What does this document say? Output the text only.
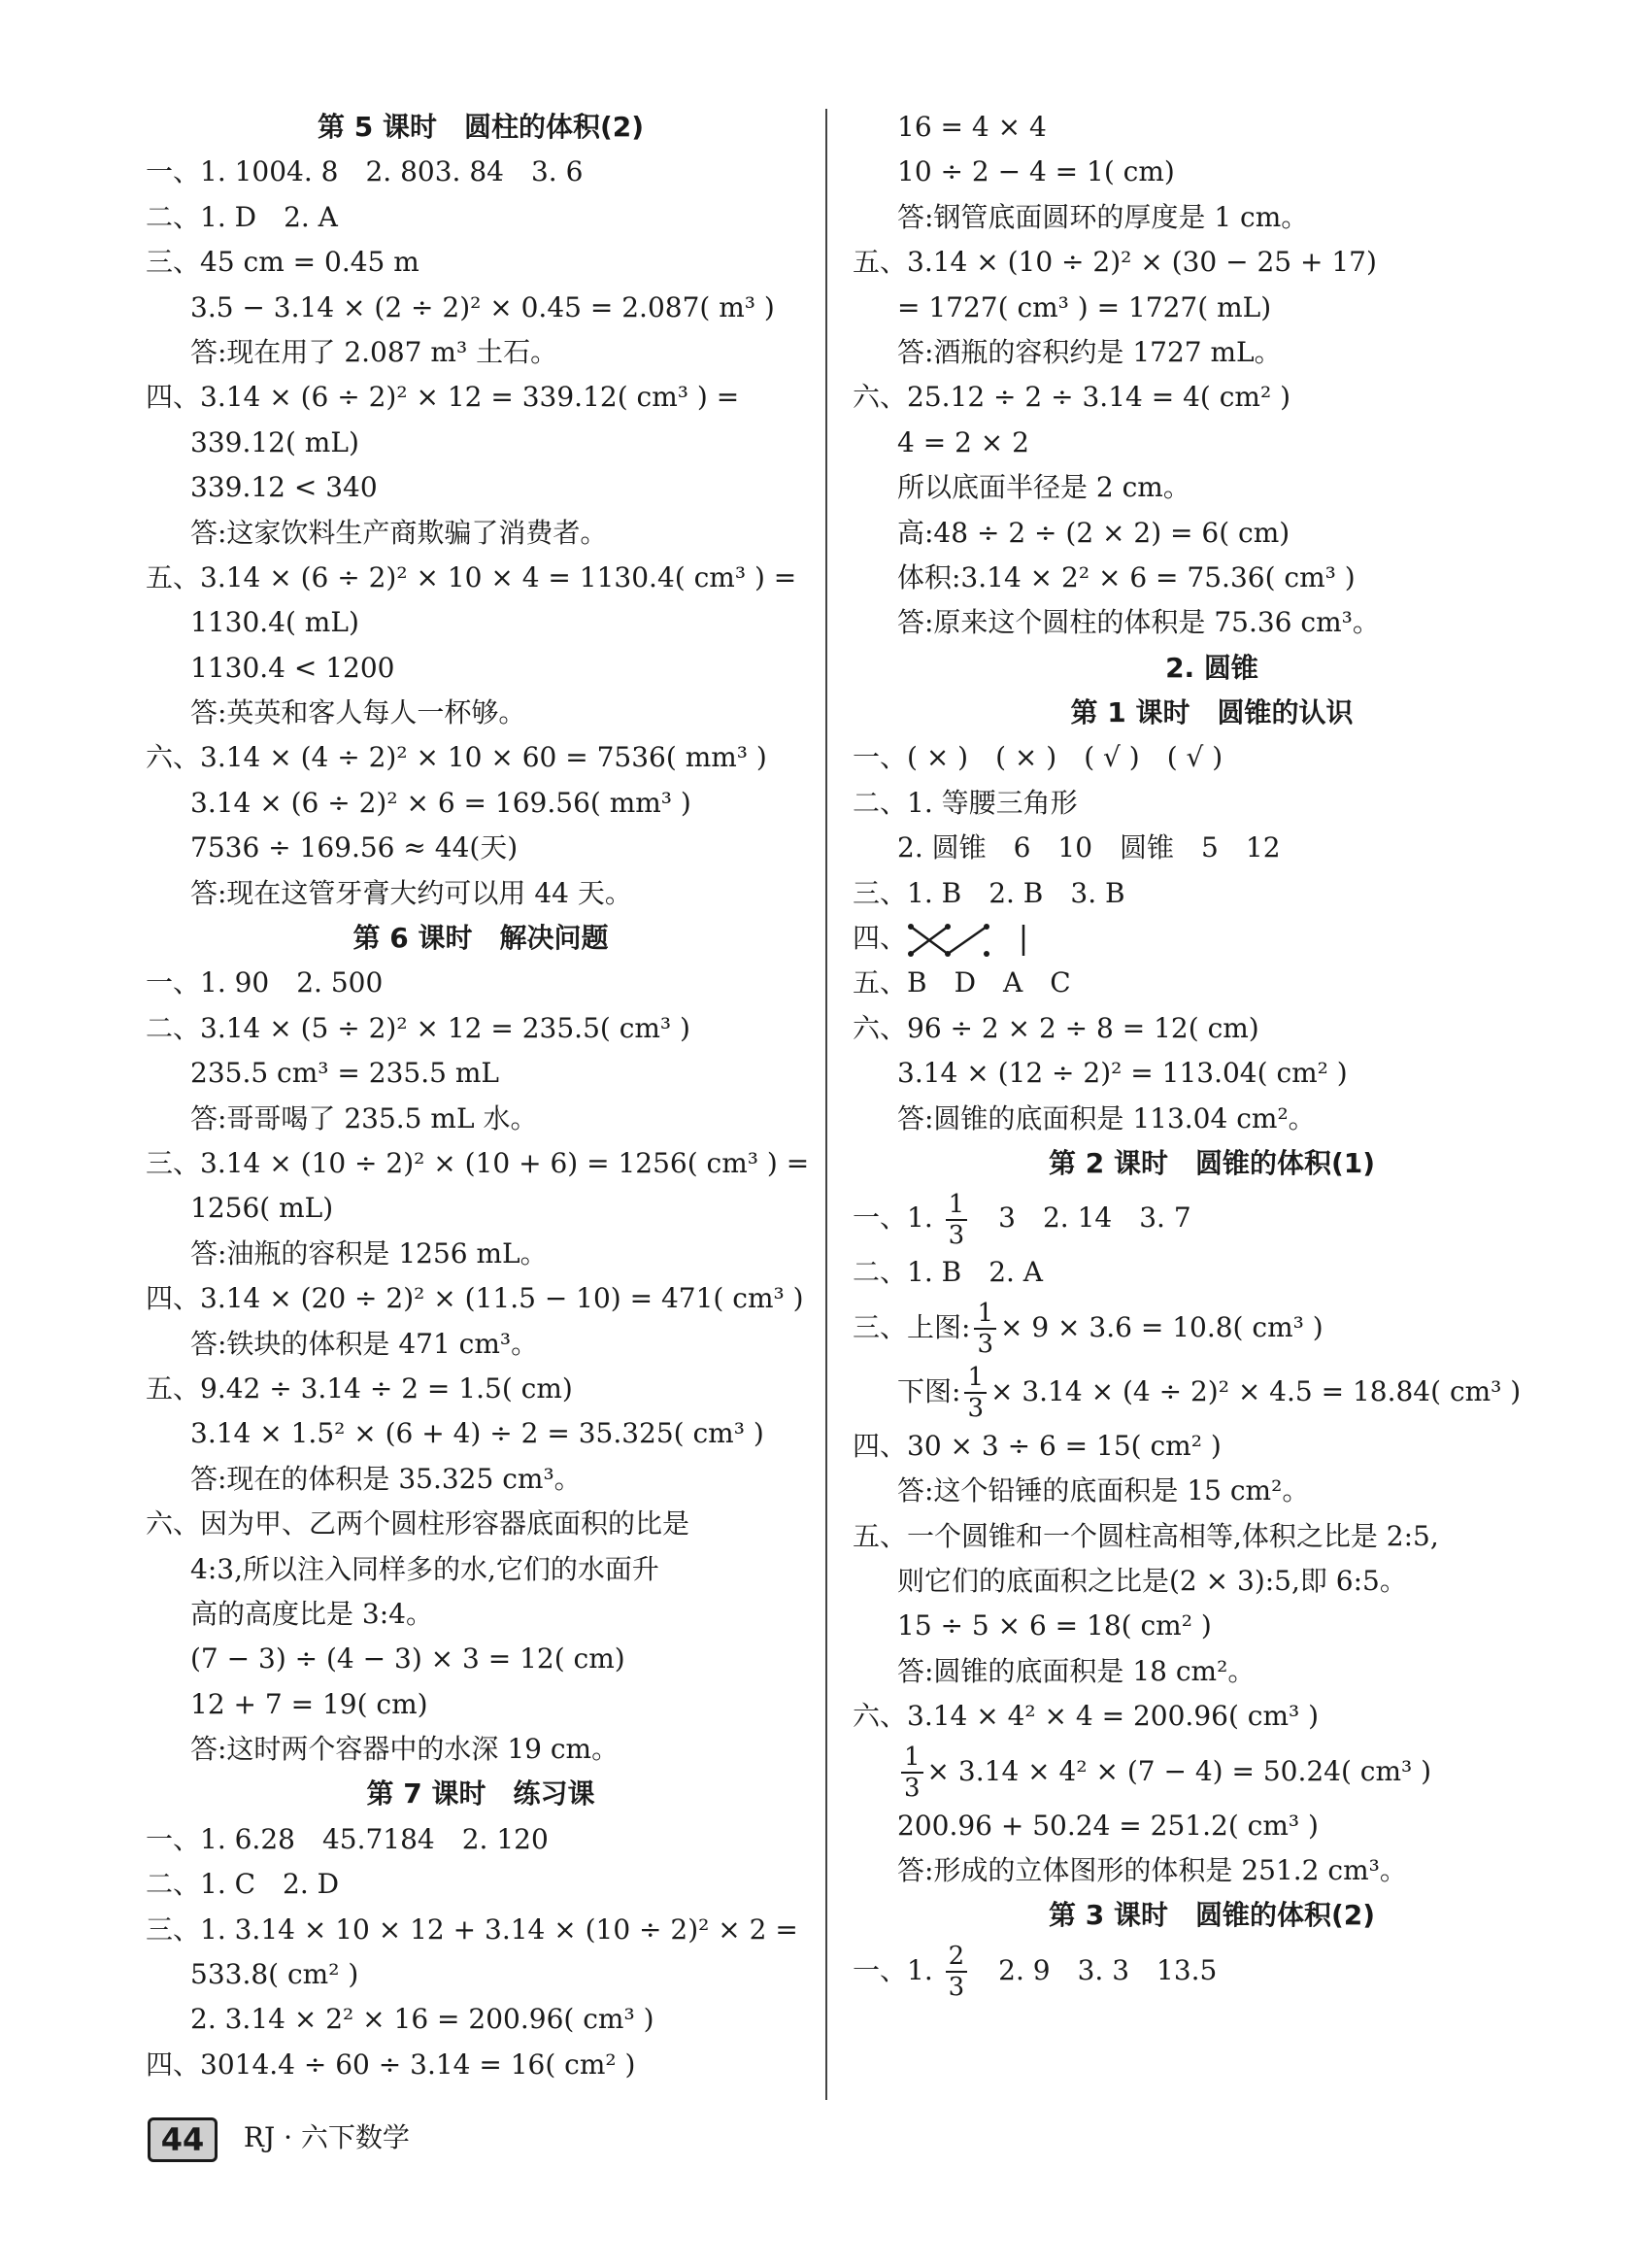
第 5 课时　圆柱的体积(2)
一、1. 1004. 8　2. 803. 84　3. 6
二、1. D　2. A
三、45 cm = 0.45 m
3.5 − 3.14 × (2 ÷ 2)² × 0.45 = 2.087( m³ )
答:现在用了 2.087 m³ 土石。
四、3.14 × (6 ÷ 2)² × 12 = 339.12( cm³ ) =
339.12( mL)
339.12 < 340
答:这家饮料生产商欺骗了消费者。
五、3.14 × (6 ÷ 2)² × 10 × 4 = 1130.4( cm³ ) =
1130.4( mL)
1130.4 < 1200
答:英英和客人每人一杯够。
六、3.14 × (4 ÷ 2)² × 10 × 60 = 7536( mm³ )
3.14 × (6 ÷ 2)² × 6 = 169.56( mm³ )
7536 ÷ 169.56 ≈ 44(天)
答:现在这管牙膏大约可以用 44 天。
第 6 课时　解决问题
一、1. 90　2. 500
二、3.14 × (5 ÷ 2)² × 12 = 235.5( cm³ )
235.5 cm³ = 235.5 mL
答:哥哥喝了 235.5 mL 水。
三、3.14 × (10 ÷ 2)² × (10 + 6) = 1256( cm³ ) =
1256( mL)
答:油瓶的容积是 1256 mL。
四、3.14 × (20 ÷ 2)² × (11.5 − 10) = 471( cm³ )
答:铁块的体积是 471 cm³。
五、9.42 ÷ 3.14 ÷ 2 = 1.5( cm)
3.14 × 1.5² × (6 + 4) ÷ 2 = 35.325( cm³ )
答:现在的体积是 35.325 cm³。
六、因为甲、乙两个圆柱形容器底面积的比是
4:3,所以注入同样多的水,它们的水面升
高的高度比是 3:4。
(7 − 3) ÷ (4 − 3) × 3 = 12( cm)
12 + 7 = 19( cm)
答:这时两个容器中的水深 19 cm。
第 7 课时　练习课
一、1. 6.28　45.7184　2. 120
二、1. C　2. D
三、1. 3.14 × 10 × 12 + 3.14 × (10 ÷ 2)² × 2 =
533.8( cm² )
2. 3.14 × 2² × 16 = 200.96( cm³ )
四、3014.4 ÷ 60 ÷ 3.14 = 16( cm² )
16 = 4 × 4
10 ÷ 2 − 4 = 1( cm)
答:钢管底面圆环的厚度是 1 cm。
五、3.14 × (10 ÷ 2)² × (30 − 25 + 17)
= 1727( cm³ ) = 1727( mL)
答:酒瓶的容积约是 1727 mL。
六、25.12 ÷ 2 ÷ 3.14 = 4( cm² )
4 = 2 × 2
所以底面半径是 2 cm。
高:48 ÷ 2 ÷ (2 × 2) = 6( cm)
体积:3.14 × 2² × 6 = 75.36( cm³ )
答:原来这个圆柱的体积是 75.36 cm³。
2. 圆锥
第 1 课时　圆锥的认识
一、( × )　( × )　( √ )　( √ )
二、1. 等腰三角形
2. 圆锥　6　10　圆锥　5　12
三、1. B　2. B　3. B
四、
五、B　D　A　C
六、96 ÷ 2 × 2 ÷ 8 = 12( cm)
3.14 × (12 ÷ 2)² = 113.04( cm² )
答:圆锥的底面积是 113.04 cm²。
第 2 课时　圆锥的体积(1)
一、1. $\frac{1}{3}$ 　3　2. 14　3. 7
二、1. B　2. A
三、上图: $\frac{1}{3} \times 9 \times 3.6 = 10.8$( cm³ )
下图: $\frac{1}{3} \times 3.14 \times (4 \div 2)^2 \times 4.5 = 18.84$( cm³ )
四、30 × 3 ÷ 6 = 15( cm² )
答:这个铅锤的底面积是 15 cm²。
五、一个圆锥和一个圆柱高相等,体积之比是 2:5,
则它们的底面积之比是(2 × 3):5,即 6:5。
15 ÷ 5 × 6 = 18( cm² )
答:圆锥的底面积是 18 cm²。
六、3.14 × 4² × 4 = 200.96( cm³ )
$\frac{1}{3} \times 3.14 \times 4^2 \times (7 - 4) = 50.24$( cm³ )
200.96 + 50.24 = 251.2( cm³ )
答:形成的立体图形的体积是 251.2 cm³。
第 3 课时　圆锥的体积(2)
一、1. $\frac{2}{3}$ 　2. 9　3. 3　13.5
44 RJ · 六下数学
